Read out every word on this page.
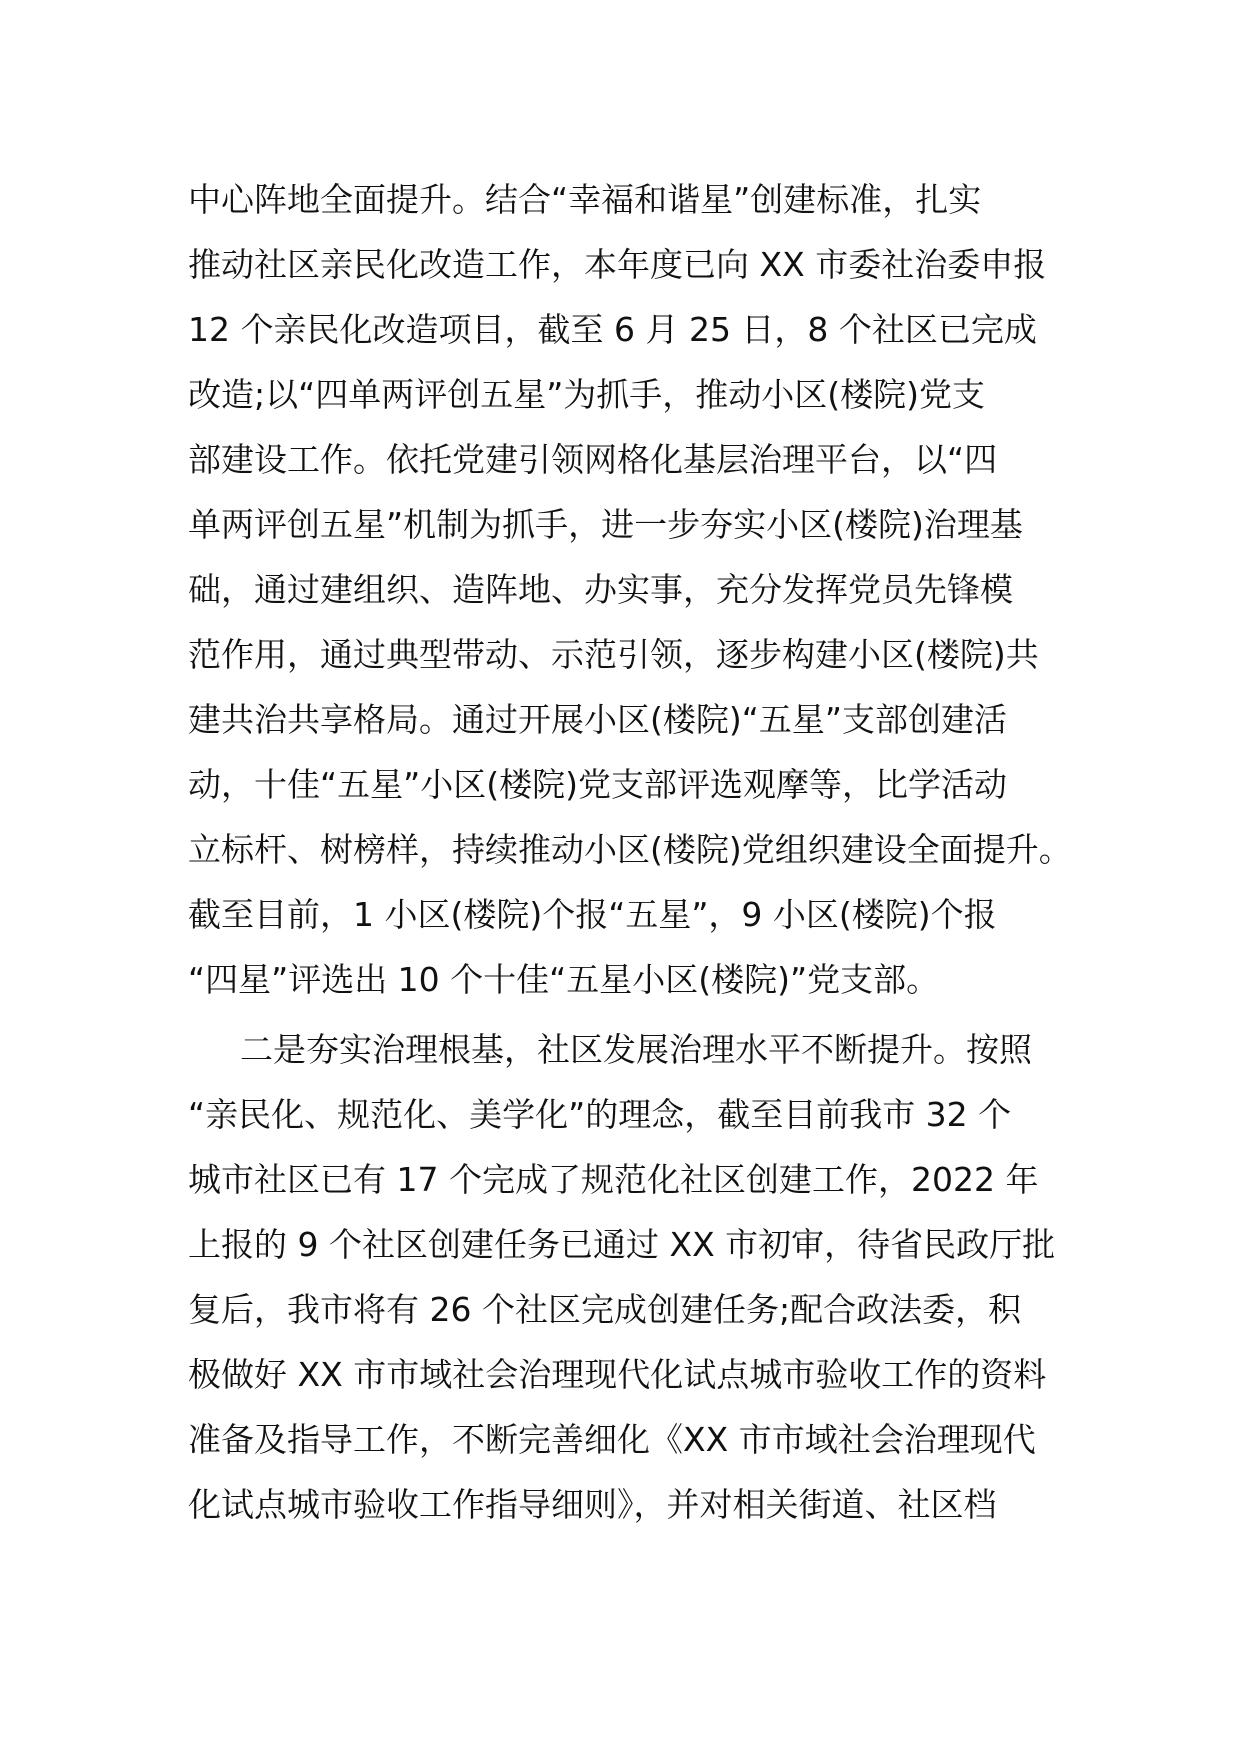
中心阵地全面提升。结合“幸福和谐星”创建标准，扎实
推动社区亲民化改造工作，本年度已向 XX 市委社治委申报
12 个亲民化改造项目，截至 6 月 25 日，8 个社区已完成
改造;以“四单两评创五星”为抓手，推动小区(楼院)党支
部建设工作。依托党建引领网格化基层治理平台，以“四
单两评创五星”机制为抓手，进一步夯实小区(楼院)治理基
础，通过建组织、造阵地、办实事，充分发挥党员先锋模
范作用，通过典型带动、示范引领，逐步构建小区(楼院)共
建共治共享格局。通过开展小区(楼院)“五星”支部创建活
动，十佳“五星”小区(楼院)党支部评选观摩等，比学活动
立标杆、树榜样，持续推动小区(楼院)党组织建设全面提升。
截至目前，1 小区(楼院)个报“五星”，9 小区(楼院)个报
“四星”评选出 10 个十佳“五星小区(楼院)”党支部。
二是夯实治理根基，社区发展治理水平不断提升。按照
“亲民化、规范化、美学化”的理念，截至目前我市 32 个
城市社区已有 17 个完成了规范化社区创建工作，2022 年
上报的 9 个社区创建任务已通过 XX 市初审，待省民政厅批
复后，我市将有 26 个社区完成创建任务;配合政法委，积
极做好 XX 市市域社会治理现代化试点城市验收工作的资料
准备及指导工作，不断完善细化《XX 市市域社会治理现代
化试点城市验收工作指导细则》，并对相关街道、社区档
